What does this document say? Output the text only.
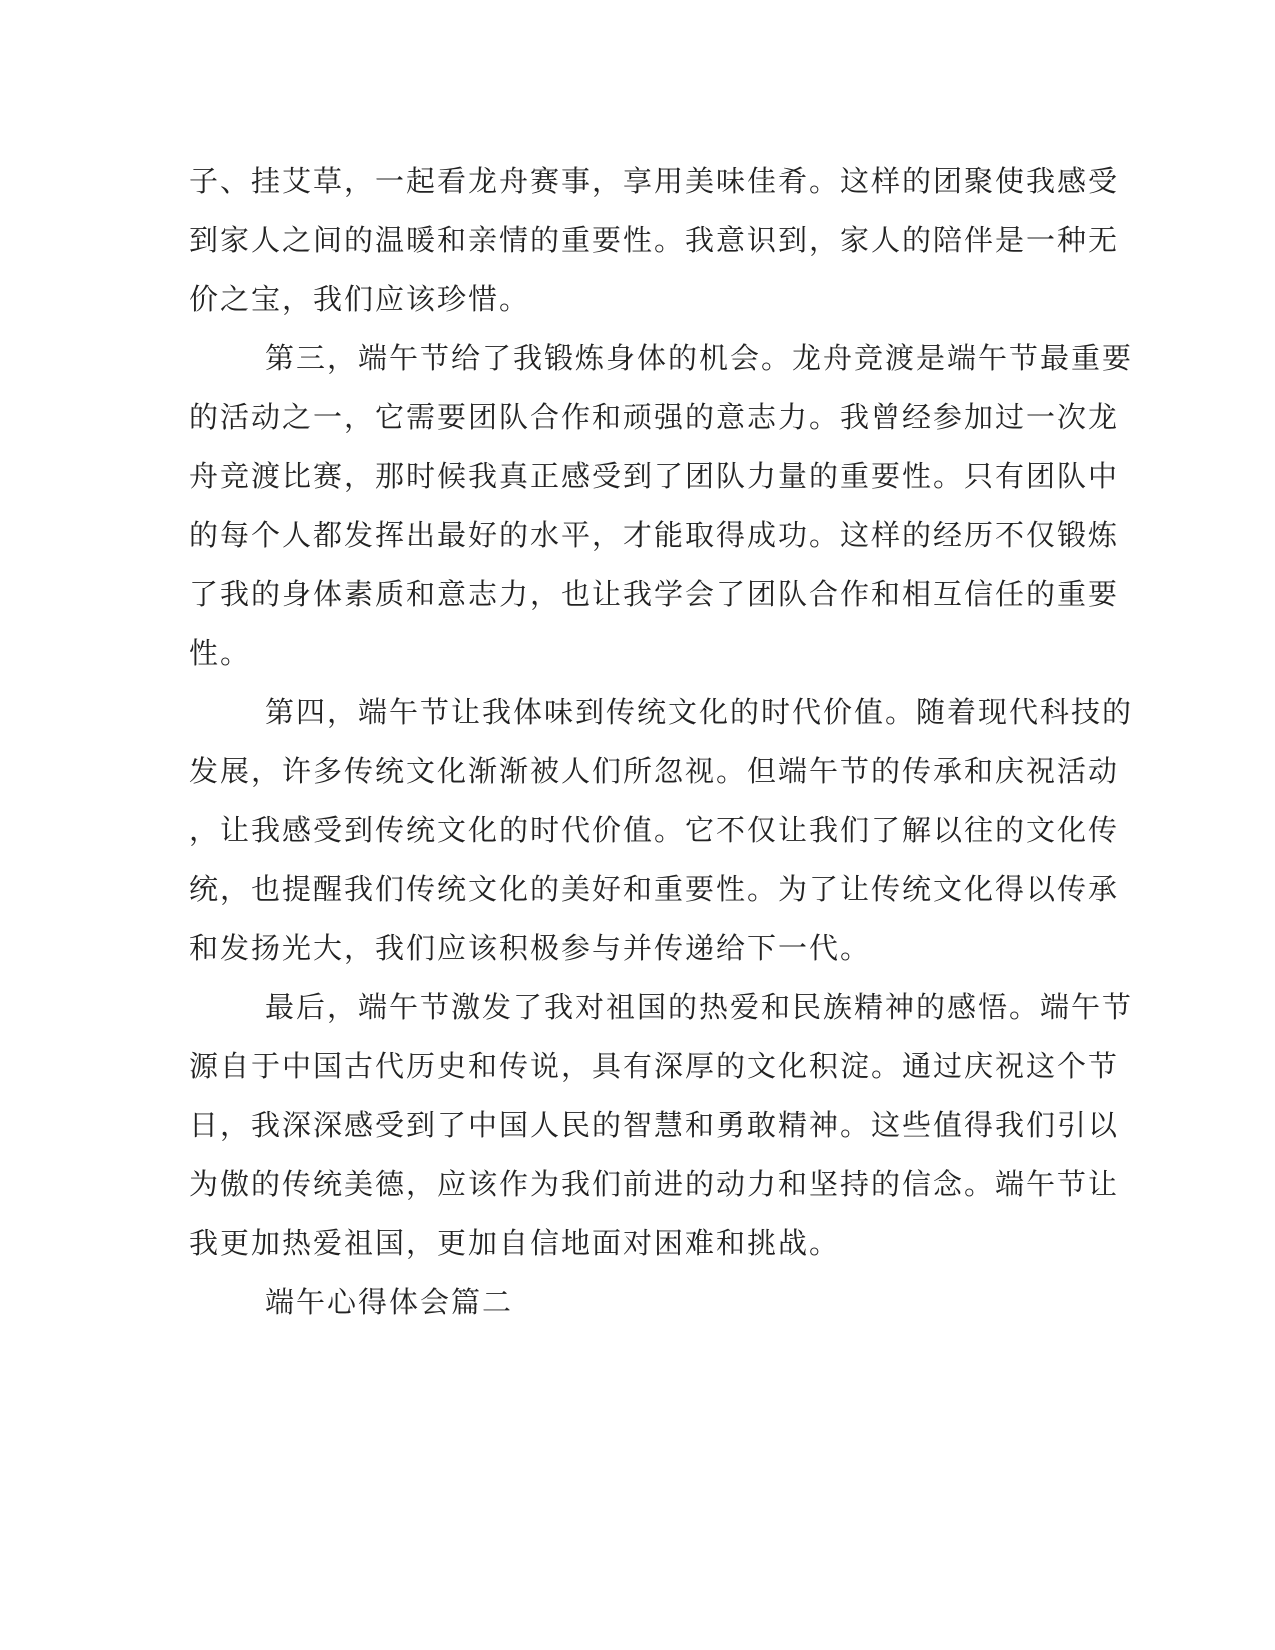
子、挂艾草，一起看龙舟赛事，享用美味佳肴。这样的团聚使我感受
到家人之间的温暖和亲情的重要性。我意识到，家人的陪伴是一种无
价之宝，我们应该珍惜。
第三，端午节给了我锻炼身体的机会。龙舟竞渡是端午节最重要
的活动之一，它需要团队合作和顽强的意志力。我曾经参加过一次龙
舟竞渡比赛，那时候我真正感受到了团队力量的重要性。只有团队中
的每个人都发挥出最好的水平，才能取得成功。这样的经历不仅锻炼
了我的身体素质和意志力，也让我学会了团队合作和相互信任的重要
性。
第四，端午节让我体味到传统文化的时代价值。随着现代科技的
发展，许多传统文化渐渐被人们所忽视。但端午节的传承和庆祝活动
，让我感受到传统文化的时代价值。它不仅让我们了解以往的文化传
统，也提醒我们传统文化的美好和重要性。为了让传统文化得以传承
和发扬光大，我们应该积极参与并传递给下一代。
最后，端午节激发了我对祖国的热爱和民族精神的感悟。端午节
源自于中国古代历史和传说，具有深厚的文化积淀。通过庆祝这个节
日，我深深感受到了中国人民的智慧和勇敢精神。这些值得我们引以
为傲的传统美德，应该作为我们前进的动力和坚持的信念。端午节让
我更加热爱祖国，更加自信地面对困难和挑战。
端午心得体会篇二
